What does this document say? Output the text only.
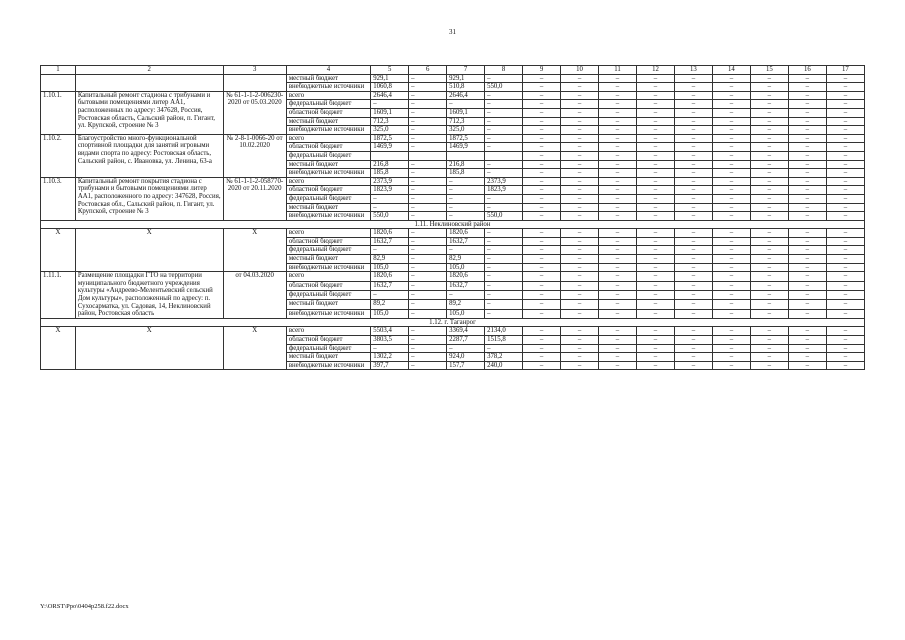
31
1	2	3	4	5	6	7	8	9	10	11	12	13	14	15	16	17
			местный бюджет	929,1	–	929,1	–	–	–	–	–	–	–	–	–	–
			внебюджетные источники	1060,8	–	510,8	550,0	–	–	–	–	–	–	–	–	–
1.10.1.	Капитальный ремонт стадиона с трибунами и бытовыми помещениями литер АА1, расположенных по адресу: 347628, Россия, Ростовская область, Сальский район, п. Гигант, ул. Крупской, строение № 3	№ 61-1-1-2-006230-2020 от 05.03.2020	всего	2646,4	–	2646,4	–	–	–	–	–	–	–	–	–	–
			федеральный бюджет	–	–	–	–	–	–	–	–	–	–	–	–	–
			областной бюджет	1609,1	–	1609,1	–	–	–	–	–	–	–	–	–	–
			местный бюджет	712,3	–	712,3	–	–	–	–	–	–	–	–	–	–
			внебюджетные источники	325,0	–	325,0	–	–	–	–	–	–	–	–	–	–
1.10.2.	Благоустройство много-функциональной спортивной площадки для занятий игровыми видами спорта по адресу: Ростовская область, Сальский район, с. Ивановка, ул. Ленина, 63-а	№ 2-8-1-0066-20 от 10.02.2020	всего	1872,5	–	1872,5	–	–	–	–	–	–	–	–	–	–
			областной бюджет	1469,9	–	1469,9	–	–	–	–	–	–	–	–	–	–
			федеральный бюджет					–	–	–	–	–	–	–	–	–
			местный бюджет	216,8	–	216,8	–	–	–	–	–	–	–	–	–	–
			внебюджетные источники	185,8	–	185,8	–	–	–	–	–	–	–	–	–	–
1.10.3.	Капитальный ремонт покрытия стадиона с трибунами и бытовыми помещениями литер АА1, расположенного по адресу: 347628, Россия, Ростовская обл., Сальский район, п. Гигант, ул. Крупской, строение № 3	№ 61-1-1-2-058770-2020 от 20.11.2020	всего	2373,9	–	–	2373,9	–	–	–	–	–	–	–	–	–
			областной бюджет	1823,9	–	–	1823,9	–	–	–	–	–	–	–	–	–
			федеральный бюджет	–	–	–	–	–	–	–	–	–	–	–	–	–
			местный бюджет	–	–	–	–	–	–	–	–	–	–	–	–	–
			внебюджетные источники	550,0	–	–	550,0	–	–	–	–	–	–	–	–	–
1.11. Неклиновский район																
Х	Х	Х	всего	1820,6	–	1820,6	–	–	–	–	–	–	–	–	–	–
			областной бюджет	1632,7	–	1632,7	–	–	–	–	–	–	–	–	–	–
			федеральный бюджет	–	–	–	–	–	–	–	–	–	–	–	–	–
			местный бюджет	82,9	–	82,9	–	–	–	–	–	–	–	–	–	–
			внебюджетные источники	105,0	–	105,0	–	–	–	–	–	–	–	–	–	–
1.11.1.	Размещение площадки ГТО на территории муниципального бюджетного учреждения культуры «Андреево-Мелентьевский сельский Дом культуры», расположенный по адресу: п. Сухосарматка, ул. Садовая, 14, Неклиновский район, Ростовская область	от 04.03.2020	всего	1820,6	–	1820,6	–	–	–	–	–	–	–	–	–	–
			областной бюджет	1632,7	–	1632,7	–	–	–	–	–	–	–	–	–	–
			федеральный бюджет	–	–	–	–	–	–	–	–	–	–	–	–	–
			местный бюджет	89,2	–	89,2	–	–	–	–	–	–	–	–	–	–
			внебюджетные источники	105,0	–	105,0	–	–	–	–	–	–	–	–	–	–
1.12. г. Таганрог																
Х	Х	Х	всего	5503,4	–	3369,4	2134,0	–	–	–	–	–	–	–	–	–
			областной бюджет	3803,5	–	2287,7	1515,8	–	–	–	–	–	–	–	–	–
			федеральный бюджет	–	–	–	–	–	–	–	–	–	–	–	–	–
			местный бюджет	1302,2	–	924,0	378,2	–	–	–	–	–	–	–	–	–
			внебюджетные источники	397,7	–	157,7	240,0	–	–	–	–	–	–	–	–	–
Y:\ORST\Ppo\0404p258.f22.docx
